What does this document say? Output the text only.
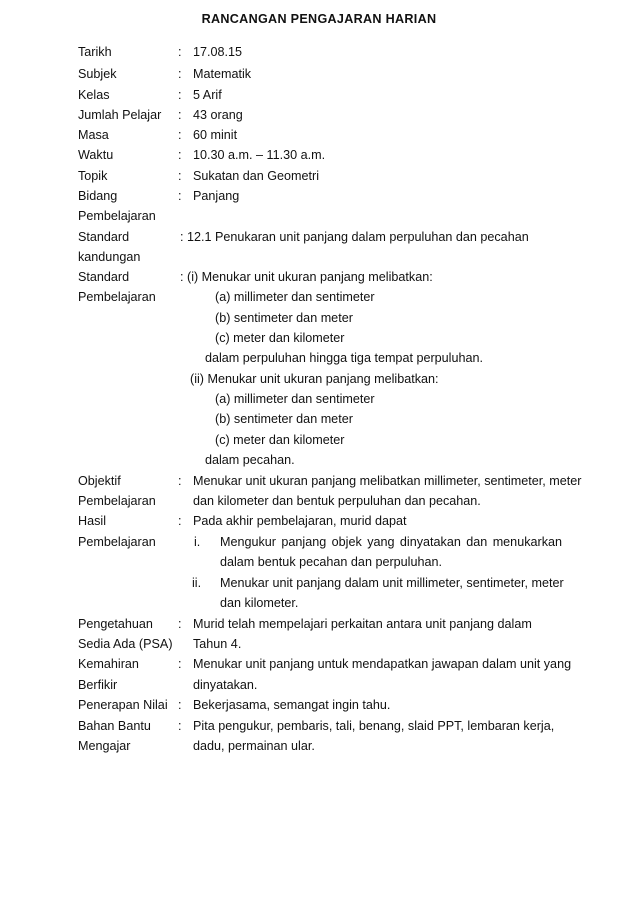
RANCANGAN PENGAJARAN HARIAN
Tarikh	: 17.08.15
Subjek	: Matematik
Kelas	: 5 Arif
Jumlah Pelajar : 43 orang
Masa	: 60 minit
Waktu	: 10.30 a.m. – 11.30 a.m.
Topik	: Sukatan dan Geometri
Bidang	: Panjang
Pembelajaran
Standard	: 12.1 Penukaran unit panjang dalam perpuluhan dan pecahan
kandungan
Standard	: (i) Menukar unit ukuran panjang melibatkan:
Pembelajaran	(a) millimeter dan sentimeter
(b) sentimeter dan meter
(c) meter dan kilometer
dalam perpuluhan hingga tiga tempat perpuluhan.
(ii) Menukar unit ukuran panjang melibatkan:
(a) millimeter dan sentimeter
(b) sentimeter dan meter
(c) meter dan kilometer
dalam pecahan.
Objektif	: Menukar unit ukuran panjang melibatkan millimeter, sentimeter, meter
Pembelajaran	dan kilometer dan bentuk perpuluhan dan pecahan.
Hasil	: Pada akhir pembelajaran, murid dapat
Pembelajaran	i. Mengukur panjang objek yang dinyatakan dan menukarkan
dalam bentuk pecahan dan perpuluhan.
ii. Menukar unit panjang dalam unit millimeter, sentimeter, meter
dan kilometer.
Pengetahuan : Murid telah mempelajari perkaitan antara unit panjang dalam
Sedia Ada (PSA) Tahun 4.
Kemahiran	: Menukar unit panjang untuk mendapatkan jawapan dalam unit yang
Berfikir	dinyatakan.
Penerapan Nilai : Bekerjasama, semangat ingin tahu.
Bahan Bantu : Pita pengukur, pembaris, tali, benang, slaid PPT, lembaran kerja,
Mengajar	dadu, permainan ular.
